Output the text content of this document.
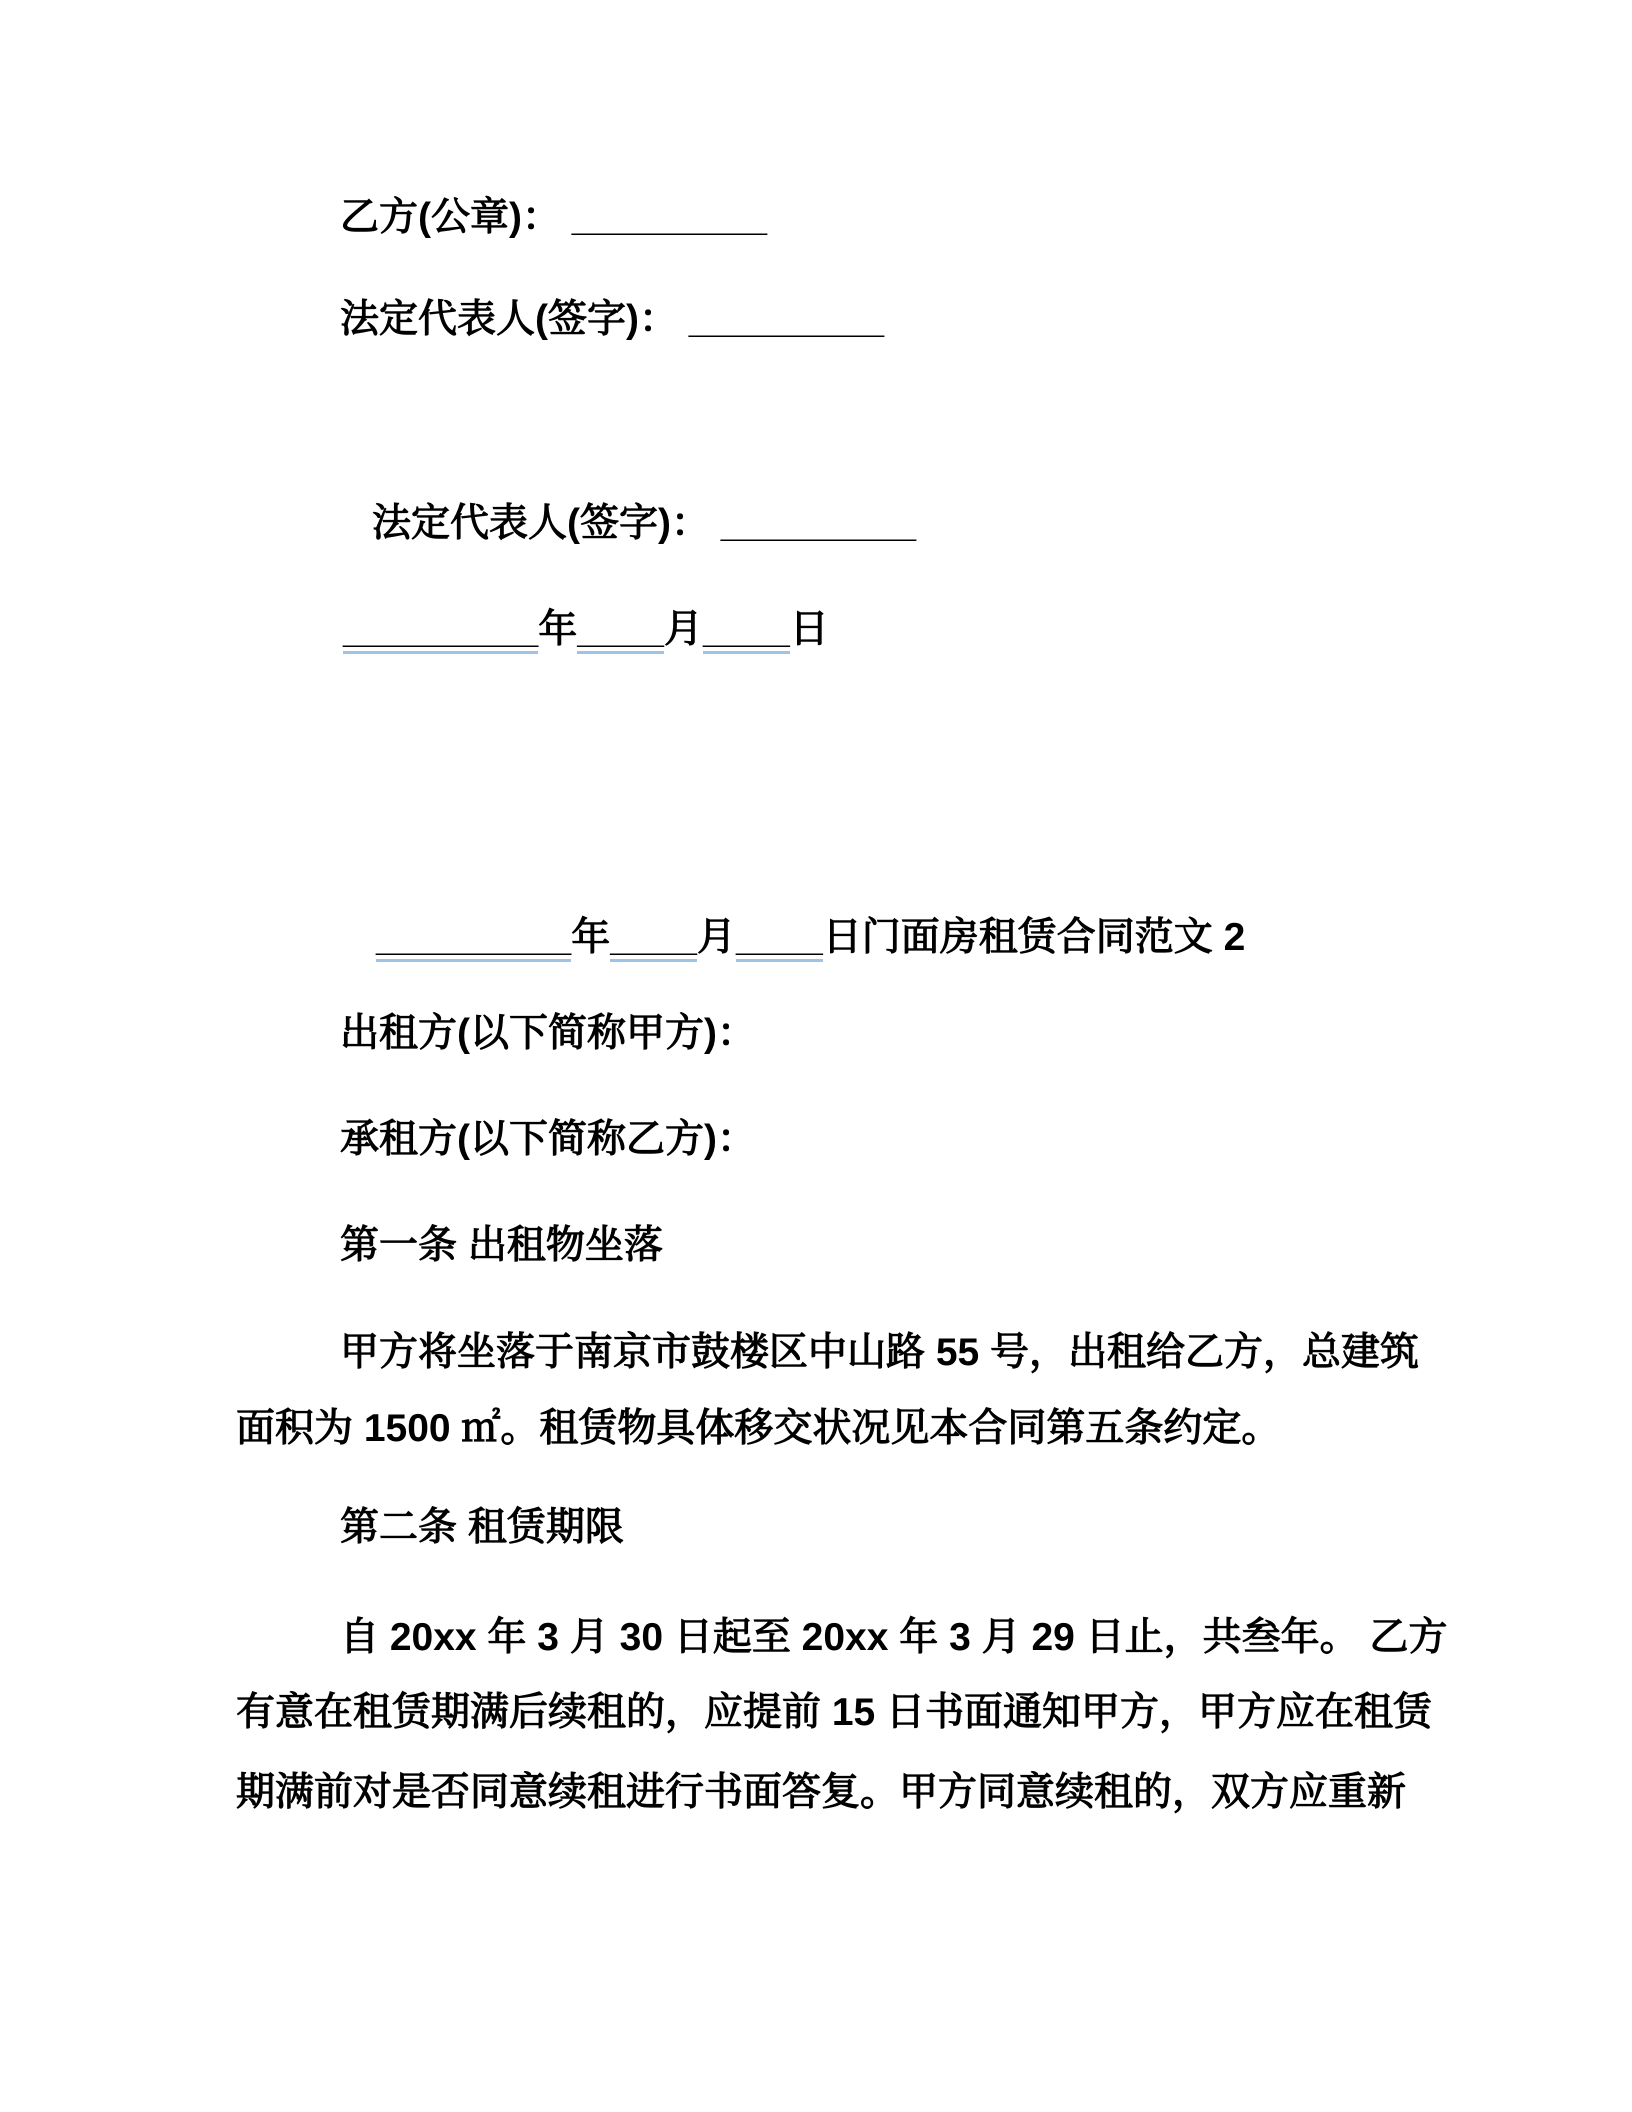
乙方(公章)： _________
法定代表人(签字)： _________
法定代表人(签字)： _________
_________年____月____日
_________年____月____日门面房租赁合同范文 2
出租方(以下简称甲方)：
承租方(以下简称乙方)：
第一条 出租物坐落
甲方将坐落于南京市鼓楼区中山路 55 号，出租给乙方，总建筑
面积为 1500 ㎡。租赁物具体移交状况见本合同第五条约定。
第二条 租赁期限
自 20xx 年 3 月 30 日起至 20xx 年 3 月 29 日止，共叁年。 乙方
有意在租赁期满后续租的，应提前 15 日书面通知甲方，甲方应在租赁
期满前对是否同意续租进行书面答复。甲方同意续租的，双方应重新
